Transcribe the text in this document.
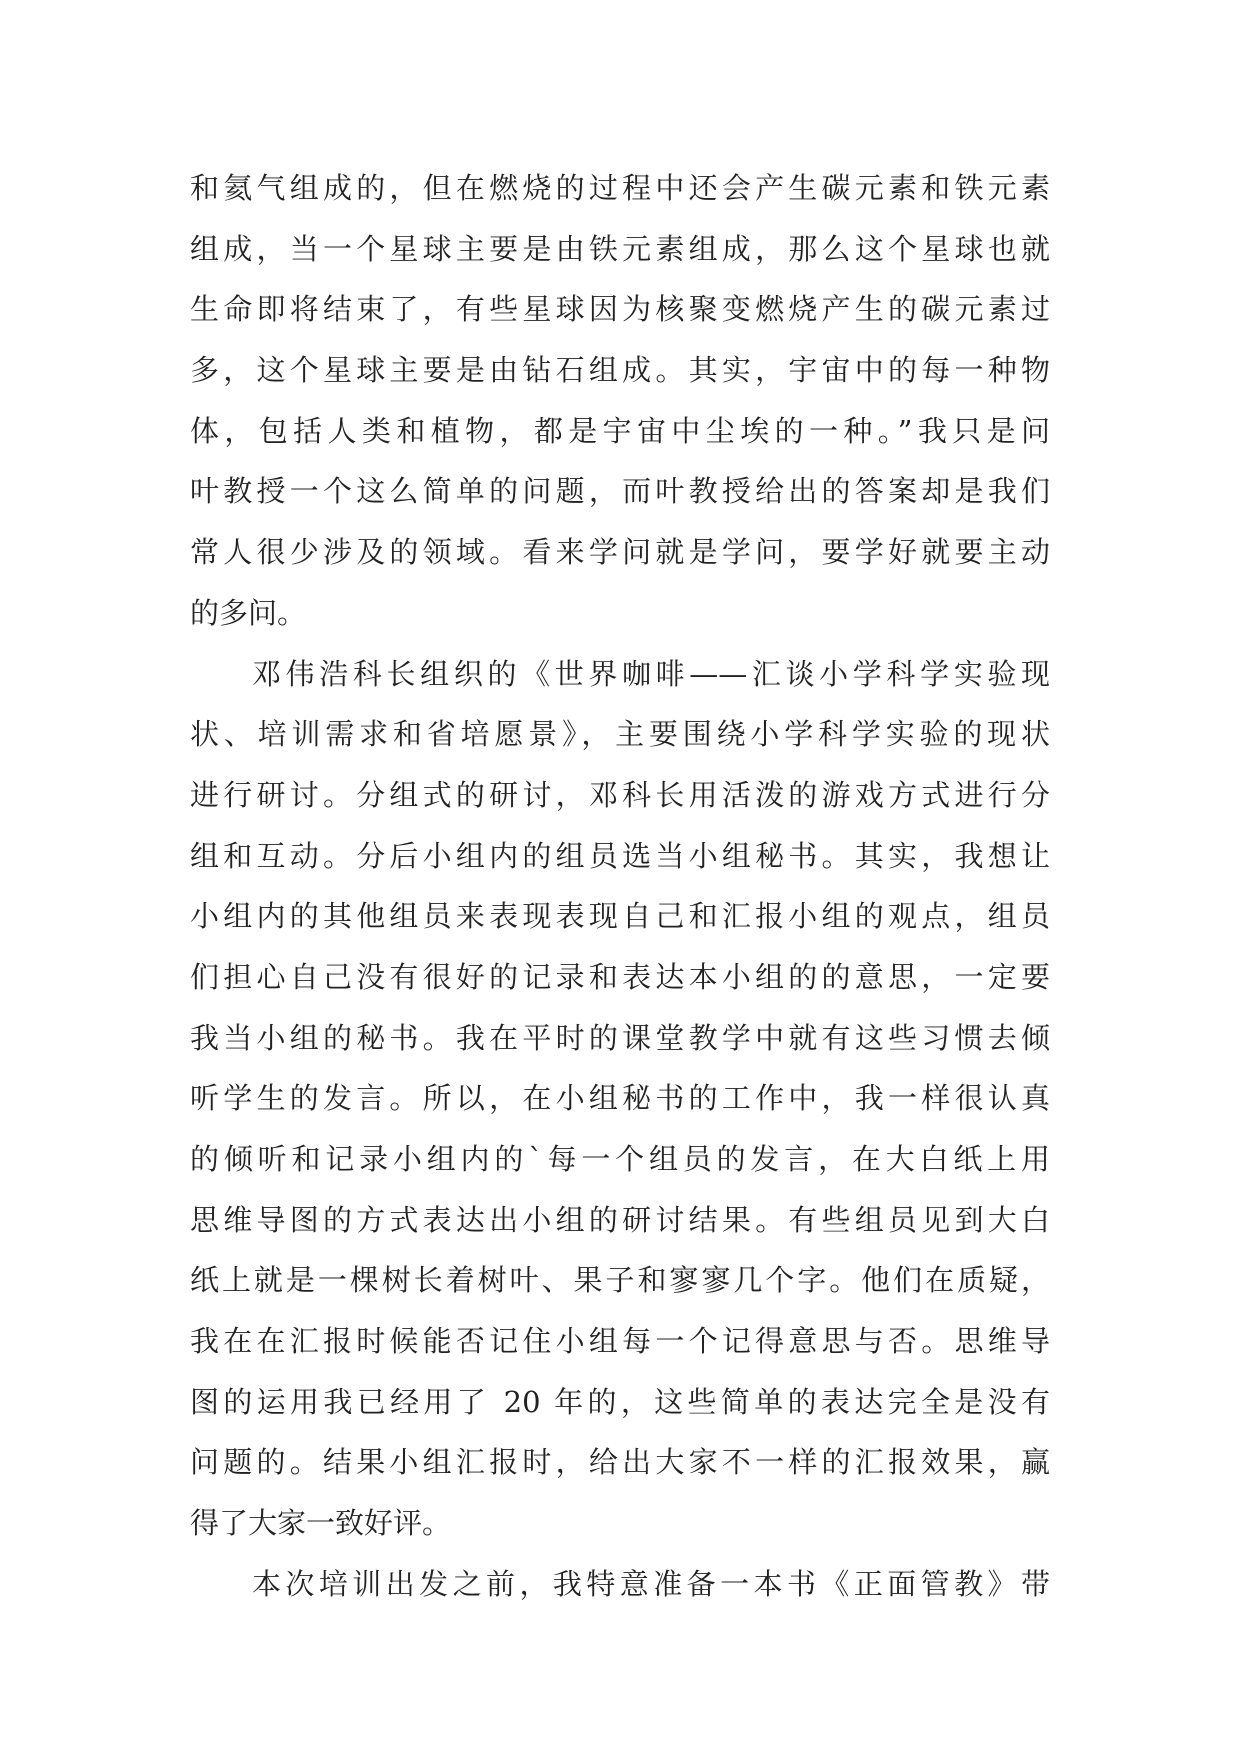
和氦气组成的，但在燃烧的过程中还会产生碳元素和铁元素
组成，当一个星球主要是由铁元素组成，那么这个星球也就
生命即将结束了，有些星球因为核聚变燃烧产生的碳元素过
多，这个星球主要是由钻石组成。其实，宇宙中的每一种物
体，包括人类和植物，都是宇宙中尘埃的一种。”我只是问
叶教授一个这么简单的问题，而叶教授给出的答案却是我们
常人很少涉及的领域。看来学问就是学问，要学好就要主动
的多问。
邓伟浩科长组织的《世界咖啡——汇谈小学科学实验现
状、培训需求和省培愿景》，主要围绕小学科学实验的现状
进行研讨。分组式的研讨，邓科长用活泼的游戏方式进行分
组和互动。分后小组内的组员选当小组秘书。其实，我想让
小组内的其他组员来表现表现自己和汇报小组的观点，组员
们担心自己没有很好的记录和表达本小组的的意思，一定要
我当小组的秘书。我在平时的课堂教学中就有这些习惯去倾
听学生的发言。所以，在小组秘书的工作中，我一样很认真
的倾听和记录小组内的`每一个组员的发言，在大白纸上用
思维导图的方式表达出小组的研讨结果。有些组员见到大白
纸上就是一棵树长着树叶、果子和寥寥几个字。他们在质疑，
我在在汇报时候能否记住小组每一个记得意思与否。思维导
图的运用我已经用了 20 年的，这些简单的表达完全是没有
问题的。结果小组汇报时，给出大家不一样的汇报效果，赢
得了大家一致好评。
本次培训出发之前，我特意准备一本书《正面管教》带
